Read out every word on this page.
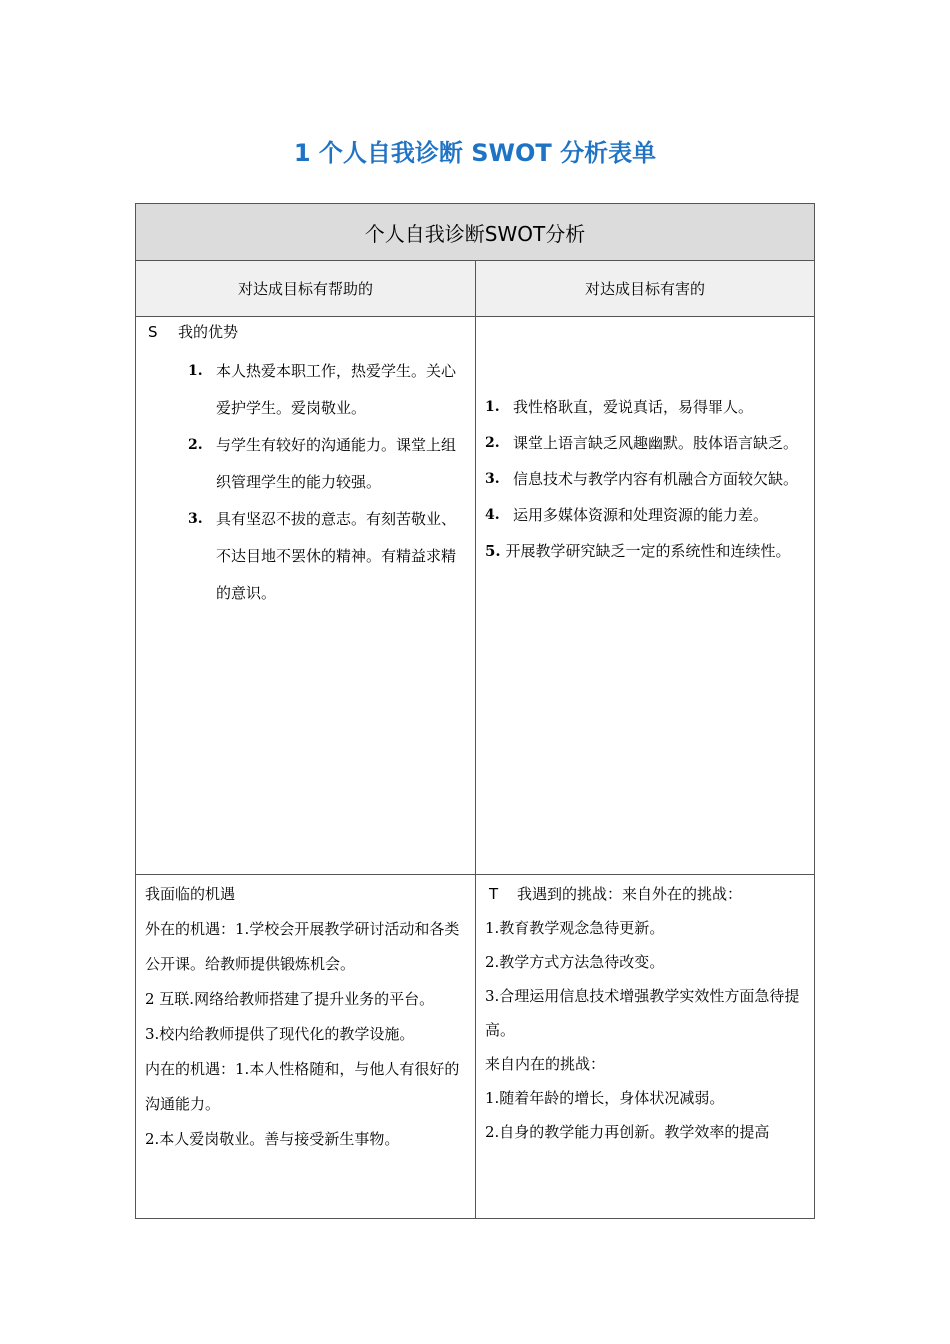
1 个人自我诊断 SWOT 分析表单
个人自我诊断SWOT分析
对达成目标有帮助的	对达成目标有害的
S 我的优势
1. 本人热爱本职工作，热爱学生。关心爱护学生。爱岗敬业。
2. 与学生有较好的沟通能力。课堂上组织管理学生的能力较强。
3. 具有坚忍不拔的意志。有刻苦敬业、不达目地不罢休的精神。有精益求精的意识。
1. 我性格耿直，爱说真话，易得罪人。
2. 课堂上语言缺乏风趣幽默。肢体语言缺乏。
3. 信息技术与教学内容有机融合方面较欠缺。
4. 运用多媒体资源和处理资源的能力差。
5. 开展教学研究缺乏一定的系统性和连续性。
我面临的机遇
外在的机遇：1.学校会开展教学研讨活动和各类公开课。给教师提供锻炼机会。
2 互联.网络给教师搭建了提升业务的平台。
3.校内给教师提供了现代化的教学设施。
内在的机遇：1.本人性格随和，与他人有很好的沟通能力。
2.本人爱岗敬业。善与接受新生事物。
T 我遇到的挑战：来自外在的挑战：
1.教育教学观念急待更新。
2.教学方式方法急待改变。
3.合理运用信息技术增强教学实效性方面急待提高。
来自内在的挑战：
1.随着年龄的增长，身体状况减弱。
2.自身的教学能力再创新。教学效率的提高
